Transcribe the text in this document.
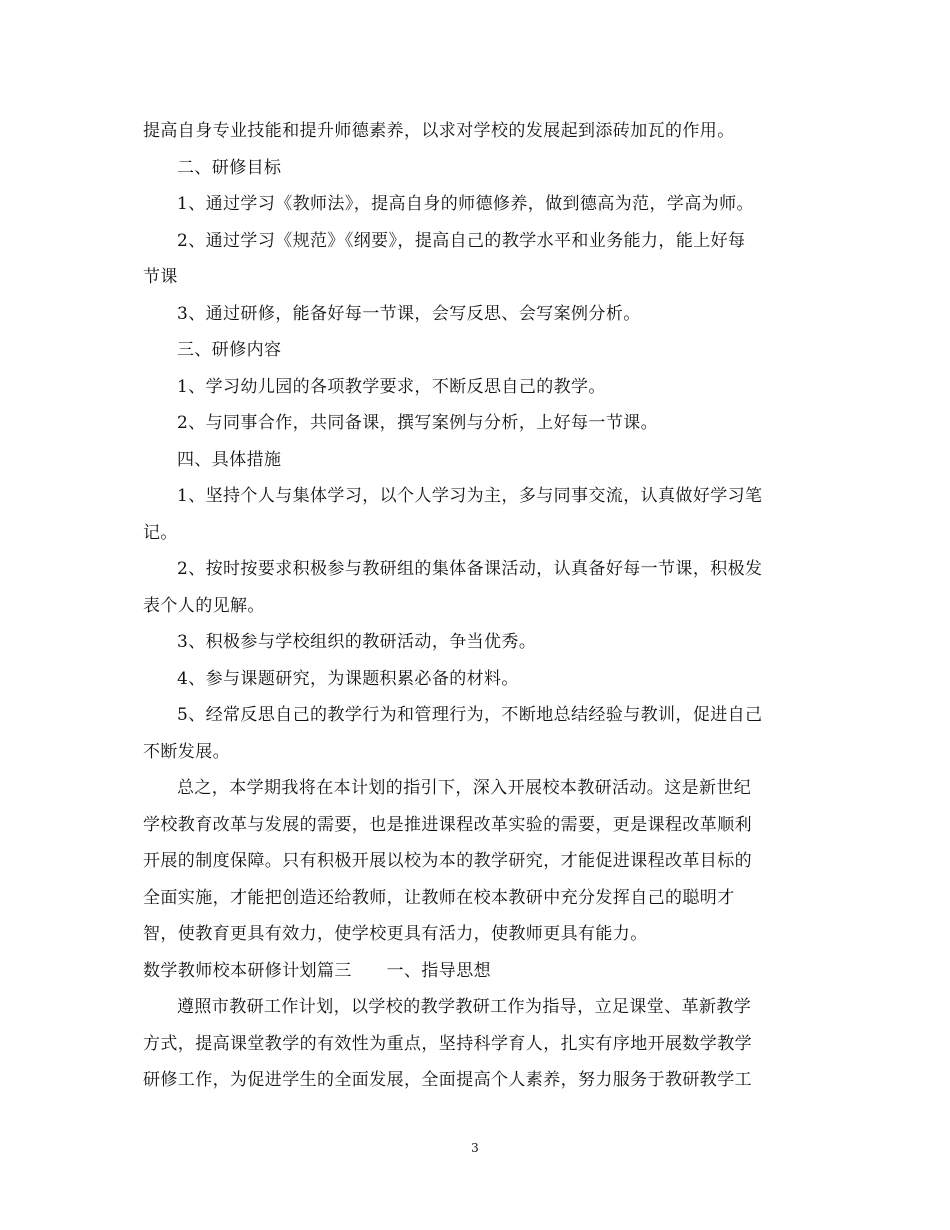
提高自身专业技能和提升师德素养，以求对学校的发展起到添砖加瓦的作用。
二、研修目标
1、通过学习《教师法》，提高自身的师德修养，做到德高为范，学高为师。
2、通过学习《规范》《纲要》，提高自己的教学水平和业务能力，能上好每
节课
3、通过研修，能备好每一节课，会写反思、会写案例分析。
三、研修内容
1、学习幼儿园的各项教学要求，不断反思自己的教学。
2、与同事合作，共同备课，撰写案例与分析，上好每一节课。
四、具体措施
1、坚持个人与集体学习，以个人学习为主，多与同事交流，认真做好学习笔
记。
2、按时按要求积极参与教研组的集体备课活动，认真备好每一节课，积极发
表个人的见解。
3、积极参与学校组织的教研活动，争当优秀。
4、参与课题研究，为课题积累必备的材料。
5、经常反思自己的教学行为和管理行为，不断地总结经验与教训，促进自己
不断发展。
总之，本学期我将在本计划的指引下，深入开展校本教研活动。这是新世纪
学校教育改革与发展的需要，也是推进课程改革实验的需要，更是课程改革顺利
开展的制度保障。只有积极开展以校为本的教学研究，才能促进课程改革目标的
全面实施，才能把创造还给教师，让教师在校本教研中充分发挥自己的聪明才
智，使教育更具有效力，使学校更具有活力，使教师更具有能力。
数学教师校本研修计划篇三　　一、指导思想
遵照市教研工作计划，以学校的教学教研工作为指导，立足课堂、革新教学
方式，提高课堂教学的有效性为重点，坚持科学育人，扎实有序地开展数学教学
研修工作，为促进学生的全面发展，全面提高个人素养，努力服务于教研教学工
3
